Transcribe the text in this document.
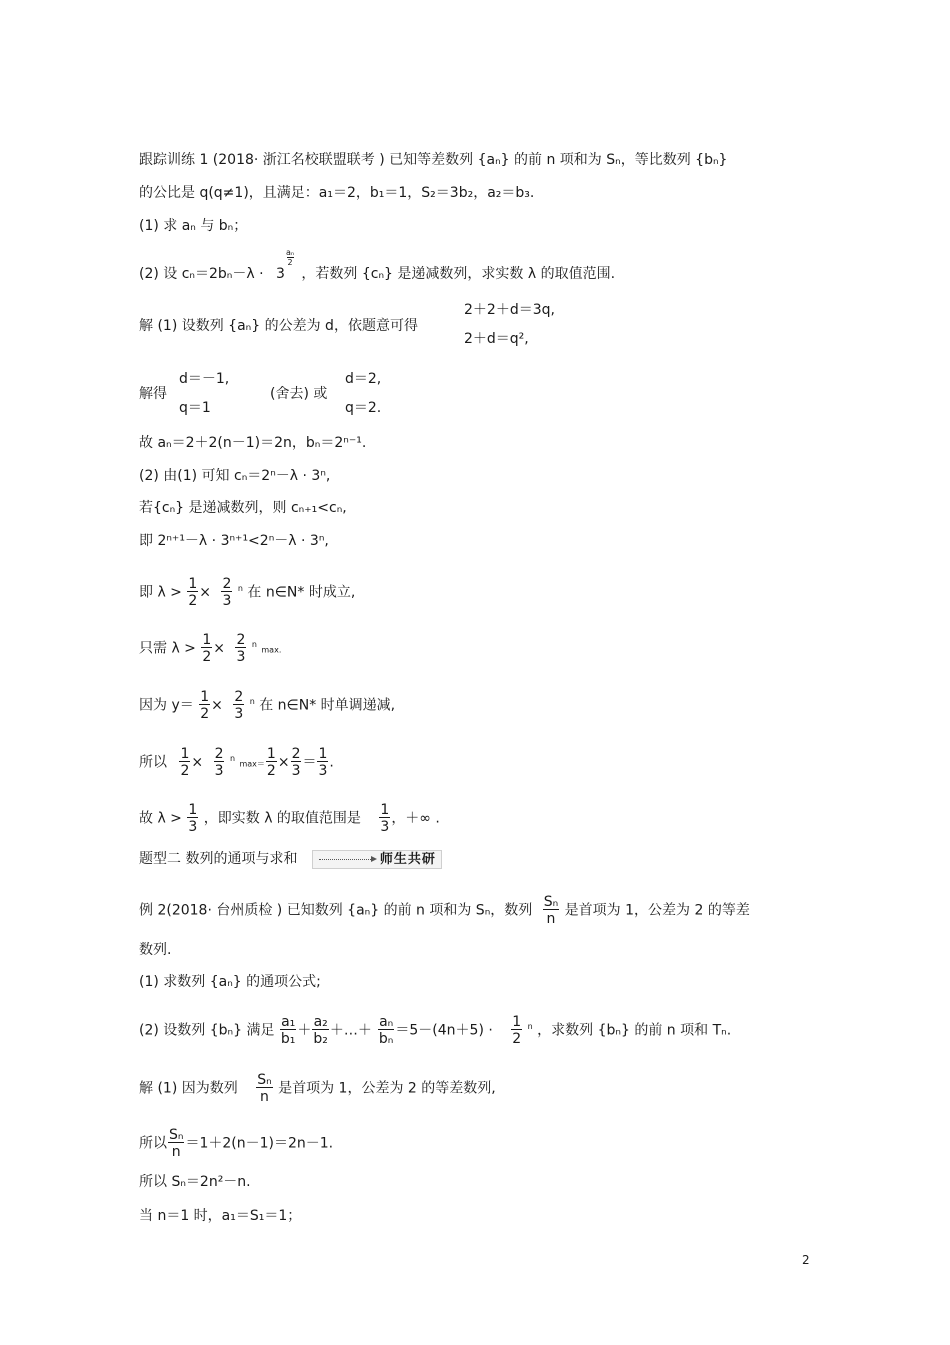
跟踪训练 1 (2018· 浙江名校联盟联考 ) 已知等差数列 {aₙ} 的前 n 项和为 Sₙ，等比数列 {bₙ}
的公比是 q(q≠1)，且满足：a₁＝2，b₁＝1，S₂＝3b₂，a₂＝b₃.
(1) 求 aₙ 与 bₙ；
(2) 设 cₙ＝2bₙ－λ · 3
$\frac{\text{aₙ}}{2}$
，若数列 {cₙ} 是递减数列，求实数 λ 的取值范围.
解 (1) 设数列 {aₙ} 的公差为 d，依题意可得
2＋2＋d＝3q,
2＋d＝q²,
解得
d＝－1,
q＝1
(舍去) 或
d＝2,
q＝2.
故 aₙ＝2＋2(n－1)＝2n，bₙ＝2ⁿ⁻¹.
(2) 由(1) 可知 cₙ＝2ⁿ－λ · 3ⁿ,
若{cₙ} 是递减数列，则 cₙ₊₁<cₙ,
即 2ⁿ⁺¹－λ · 3ⁿ⁺¹<2ⁿ－λ · 3ⁿ,
即 $\lambda > \frac{1}{2} \times \frac{2}{3} ^n$ 在 n∈N* 时成立,
只需 $\lambda > \frac{1}{2} \times \frac{2}{3} ^n$ max.
因为 $y= \frac{1}{2} \times \frac{2}{3} ^n$ 在 n∈N* 时单调递减,
所以 $\frac{1}{2} \times \frac{2}{3} ^n$ $\max= \frac{1}{2} \times \frac{2}{3} = \frac{1}{3}$ .
故 $\lambda > \frac{1}{3}$ ，即实数 λ 的取值范围是 $\frac{1}{3}$ ，＋∞ .
题型二 数列的通项与求和	师生共研
例 2(2018· 台州质检 ) 已知数列 {aₙ} 的前 n 项和为 Sₙ，数列 $\frac{\text{Sₙ}}{n}$ 是首项为 1，公差为 2 的等差
数列.
(1) 求数列 {aₙ} 的通项公式;
(2) 设数列 {bₙ} 满足 $\frac{\text{a₁}}{\text{b₁}} + \frac{\text{a₂}}{\text{b₂}}$ ＋…＋ $\frac{\text{aₙ}}{\text{bₙ}} =5-(4n+5) \cdot \frac{1}{2} ^n$ ，求数列 {bₙ} 的前 n 项和 Tₙ.
解 (1) 因为数列 $\frac{\text{Sₙ}}{n}$ 是首项为 1，公差为 2 的等差数列,
所以 $\frac{\text{Sₙ}}{n} =1+2(n-1)=2n-1$.
所以 Sₙ＝2n²－n.
当 n＝1 时，a₁＝S₁＝1；
2
